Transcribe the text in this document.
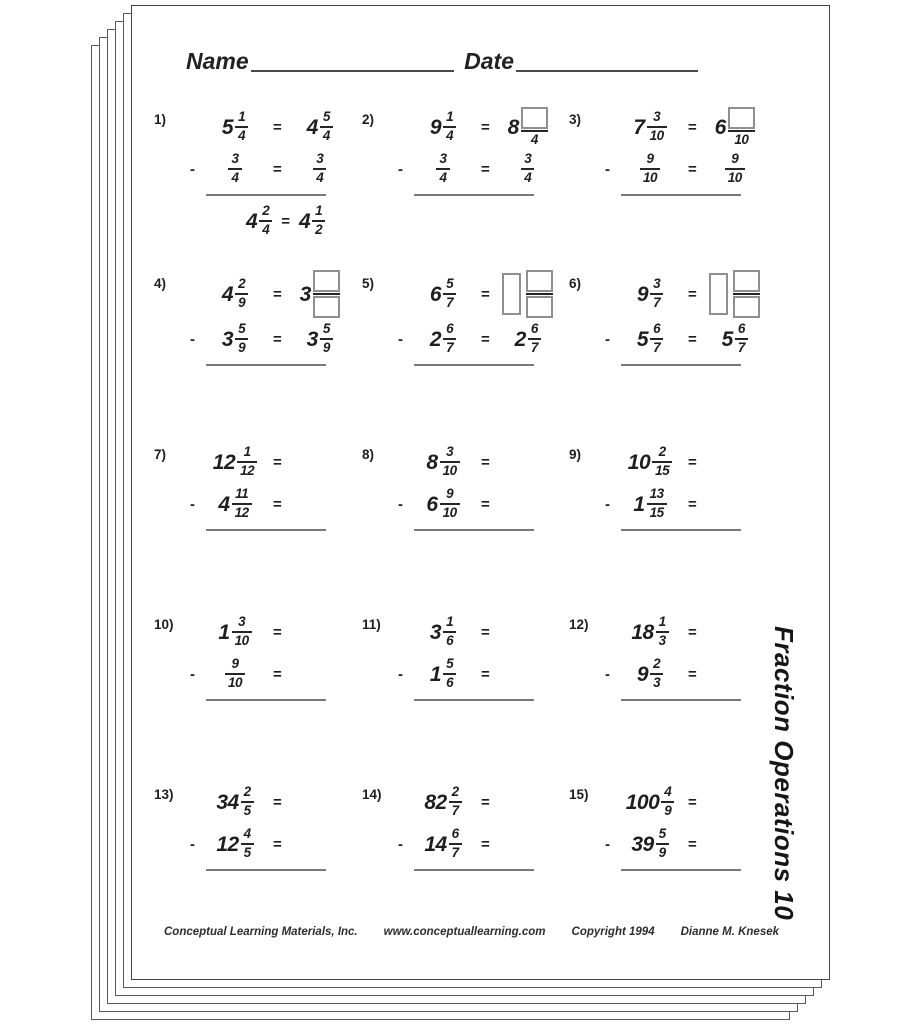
Name	Date
1)	$5 \frac{1}{4} = 4 \frac{5}{4}$
-	$\frac{3}{4} = \frac{3}{4}$
$4 \frac{2}{4} = 4 \frac{1}{2}$
2)	$9 \frac{1}{4} = 8$
4
-	$\frac{3}{4} = \frac{3}{4}$
3)	$7 \frac{3}{10} = 6$
10
-	$\frac{9}{10} = \frac{9}{10}$
4)	$4 \frac{2}{9} = 3$
-	$3 \frac{5}{9} = 3 \frac{5}{9}$
5)	$6 \frac{5}{7}$ =
-	$2 \frac{6}{7} = 2 \frac{6}{7}$
6)	$9 \frac{3}{7}$ =
-	$5 \frac{6}{7} = 5 \frac{6}{7}$
7)	$12 \frac{1}{12}$ =
-	$4 \frac{11}{12}$ =
8)	$8 \frac{3}{10}$ =
-	$6 \frac{9}{10}$ =
9)	$10 \frac{2}{15}$ =
-	$1 \frac{13}{15}$ =
10)	$1 \frac{3}{10}$ =
-	$\frac{9}{10}$ =
11)	$3 \frac{1}{6}$ =
-	$1 \frac{5}{6}$ =
12)	$18 \frac{1}{3}$ =
-	$9 \frac{2}{3}$ =
13)	$34 \frac{2}{5}$ =
-	$12 \frac{4}{5}$ =
14)	$82 \frac{2}{7}$ =
-	$14 \frac{6}{7}$ =
15)	$100 \frac{4}{9}$ =
-	$39 \frac{5}{9}$ =
Conceptual Learning Materials, Inc. www.conceptuallearning.com Copyright 1994 Dianne M. Knesek
Fraction Operations 10
